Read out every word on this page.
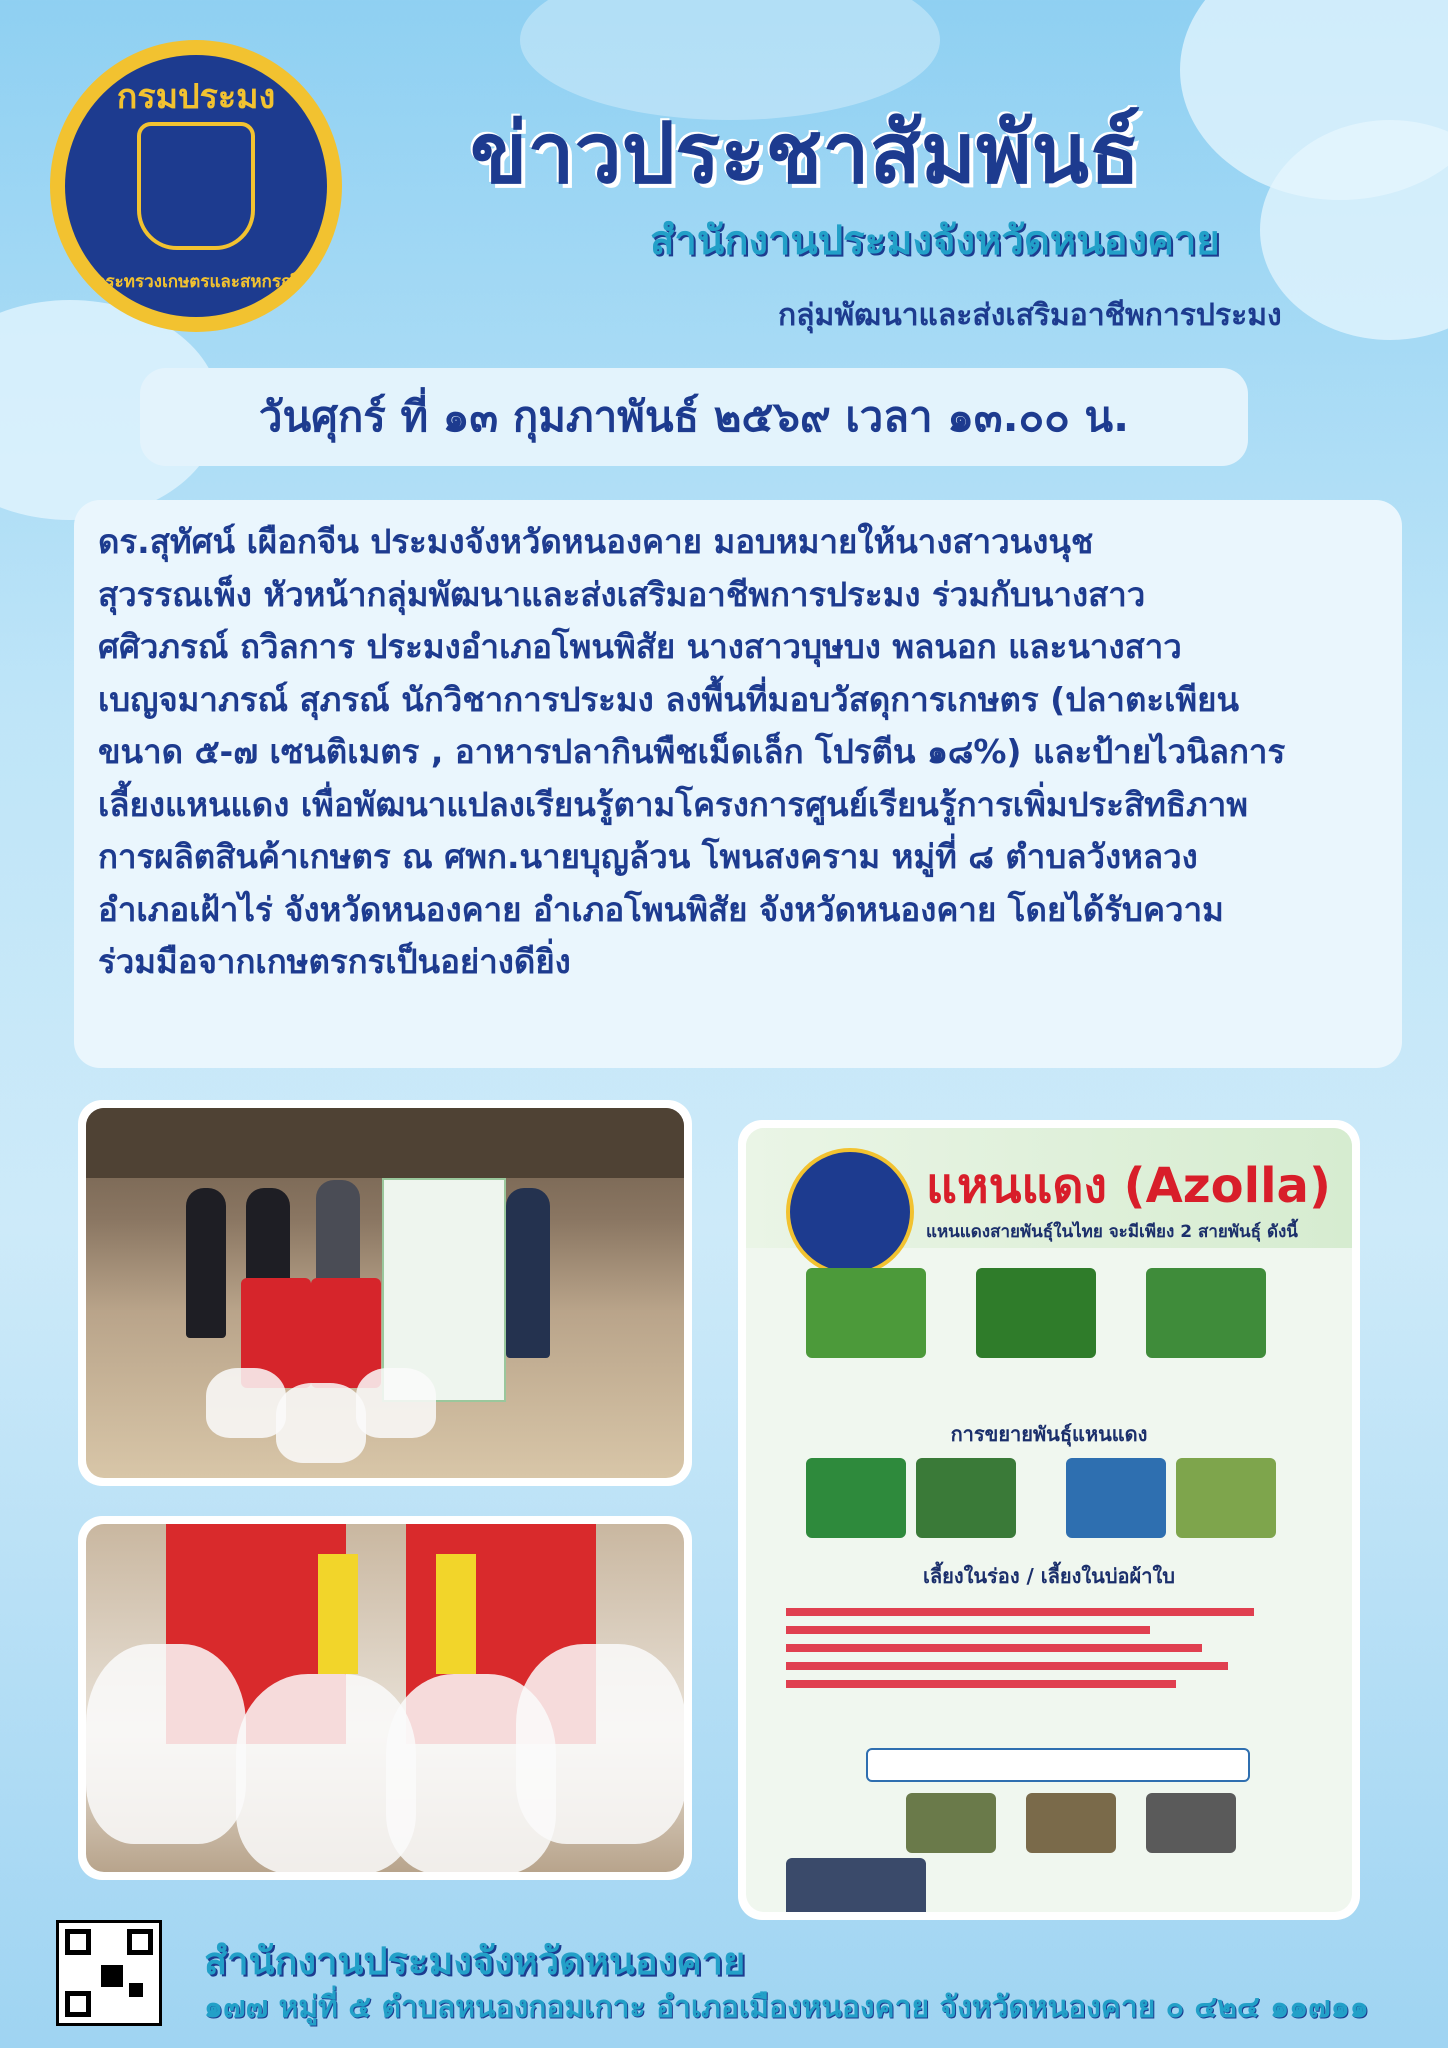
กรมประมง
กระทรวงเกษตรและสหกรณ์
ข่าวประชาสัมพันธ์
สำนักงานประมงจังหวัดหนองคาย
กลุ่มพัฒนาและส่งเสริมอาชีพการประมง
วันศุกร์ ที่ ๑๓ กุมภาพันธ์ ๒๕๖๙ เวลา ๑๓.๐๐ น.
ดร.สุทัศน์ เผือกจีน ประมงจังหวัดหนองคาย มอบหมายให้นางสาวนงนุช
สุวรรณเพ็ง หัวหน้ากลุ่มพัฒนาและส่งเสริมอาชีพการประมง ร่วมกับนางสาว
ศศิวภรณ์ ถวิลการ ประมงอำเภอโพนพิสัย นางสาวบุษบง พลนอก และนางสาว
เบญจมาภรณ์ สุภรณ์ นักวิชาการประมง ลงพื้นที่มอบวัสดุการเกษตร (ปลาตะเพียน
ขนาด ๕-๗ เซนติเมตร , อาหารปลากินพืชเม็ดเล็ก โปรตีน ๑๘%) และป้ายไวนิลการ
เลี้ยงแหนแดง เพื่อพัฒนาแปลงเรียนรู้ตามโครงการศูนย์เรียนรู้การเพิ่มประสิทธิภาพ
การผลิตสินค้าเกษตร ณ ศพก.นายบุญล้วน โพนสงคราม หมู่ที่ ๘ ตำบลวังหลวง
อำเภอเฝ้าไร่ จังหวัดหนองคาย อำเภอโพนพิสัย จังหวัดหนองคาย โดยได้รับความ
ร่วมมือจากเกษตรกรเป็นอย่างดียิ่ง
แหนแดง (Azolla)
แหนแดงสายพันธุ์ในไทย จะมีเพียง 2 สายพันธุ์ ดังนี้
การขยายพันธุ์แหนแดง
เลี้ยงในร่อง / เลี้ยงในบ่อผ้าใบ
สำนักงานประมงจังหวัดหนองคาย
๑๗๗ หมู่ที่ ๕ ตำบลหนองกอมเกาะ อำเภอเมืองหนองคาย จังหวัดหนองคาย ๐ ๔๒๔ ๑๑๗๑๑
